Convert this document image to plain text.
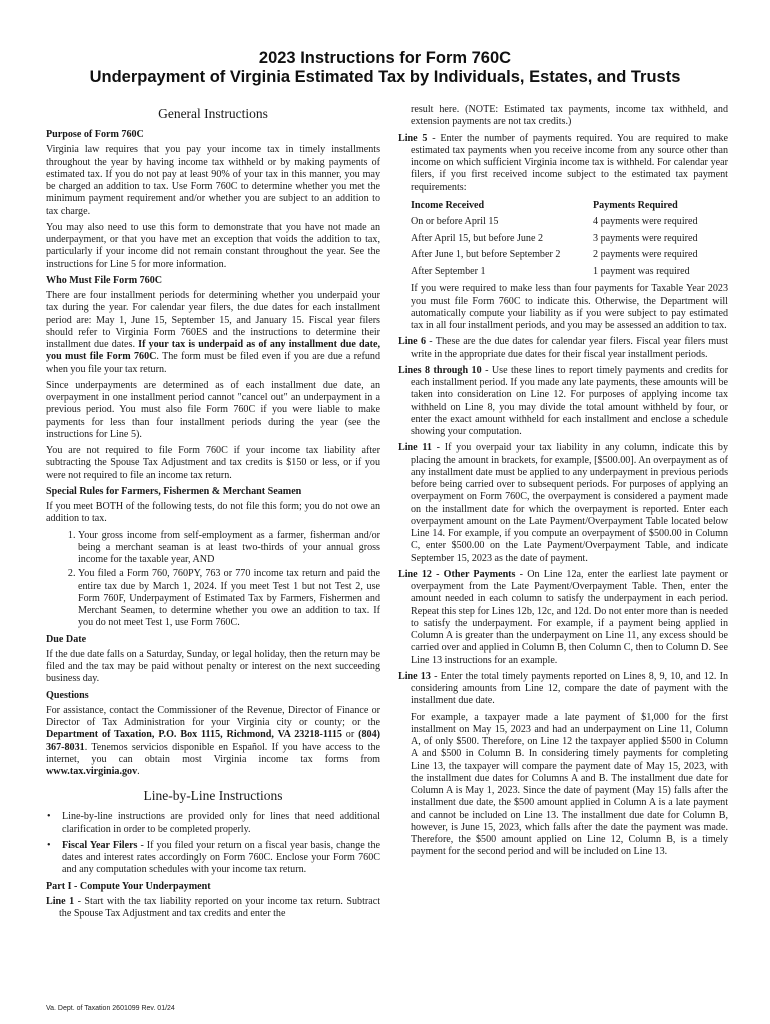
2023 Instructions for Form 760C
Underpayment of Virginia Estimated Tax by Individuals, Estates, and Trusts
General Instructions
Purpose of Form 760C

Virginia law requires that you pay your income tax in timely installments throughout the year by having income tax withheld or by making payments of estimated tax. If you do not pay at least 90% of your tax in this manner, you may be charged an addition to tax. Use Form 760C to determine whether you met the minimum payment requirement and/or whether you are subject to an addition to tax charge.

You may also need to use this form to demonstrate that you have not made an underpayment, or that you have met an exception that voids the addition to tax, particularly if your income did not remain constant throughout the year. See the instructions for Line 5 for more information.

Who Must File Form 760C

There are four installment periods for determining whether you underpaid your tax during the year. For calendar year filers, the due dates for each installment period are: May 1, June 15, September 15, and January 15. Fiscal year filers should refer to Virginia Form 760ES and the instructions to determine their installment due dates. If your tax is underpaid as of any installment due date, you must file Form 760C. The form must be filed even if you are due a refund when you file your tax return.

Since underpayments are determined as of each installment due date, an overpayment in one installment period cannot "cancel out" an underpayment in a previous period. You must also file Form 760C if you were liable to make payments for less than four installment periods during the year (see the instructions for Line 5).

You are not required to file Form 760C if your income tax liability after subtracting the Spouse Tax Adjustment and tax credits is $150 or less, or if you were not required to file an income tax return.

Special Rules for Farmers, Fishermen & Merchant Seamen

If you meet BOTH of the following tests, do not file this form; you do not owe an addition to tax.

1. Your gross income from self-employment as a farmer, fisherman and/or being a merchant seaman is at least two-thirds of your annual gross income for the taxable year, AND
2. You filed a Form 760, 760PY, 763 or 770 income tax return and paid the entire tax due by March 1, 2024. If you meet Test 1 but not Test 2, use Form 760F, Underpayment of Estimated Tax by Farmers, Fishermen and Merchant Seamen, to determine whether you owe an addition to tax. If you do not meet Test 1, use Form 760C.
Due Date

If the due date falls on a Saturday, Sunday, or legal holiday, then the return may be filed and the tax may be paid without penalty or interest on the next succeeding business day.

Questions

For assistance, contact the Commissioner of the Revenue, Director of Finance or Director of Tax Administration for your Virginia city or county; or the Department of Taxation, P.O. Box 1115, Richmond, VA 23218-1115 or (804) 367-8031. Tenemos servicios disponible en Español. If you have access to the internet, you can obtain most Virginia income tax forms from www.tax.virginia.gov.

Line-by-Line Instructions
• Line-by-line instructions are provided only for lines that need additional clarification in order to be completed properly.
• Fiscal Year Filers - If you filed your return on a fiscal year basis, change the dates and interest rates accordingly on Form 760C. Enclose your Form 760C and any computation schedules with your income tax return.
Part I - Compute Your Underpayment

Line 1 - Start with the tax liability reported on your income tax return. Subtract the Spouse Tax Adjustment and tax credits and enter the

result here. (NOTE: Estimated tax payments, income tax withheld, and extension payments are not tax credits.)

Line 5 - Enter the number of payments required. You are required to make estimated tax payments when you receive income from any source other than income on which sufficient Virginia income tax is withheld. For calendar year filers, if you first received income subject to the estimated tax payment requirements:

Income Received	Payments Required
On or before April 15	4 payments were required
After April 15, but before June 2	3 payments were required
After June 1, but before September 2	2 payments were required
After September 1	1 payment was required

If you were required to make less than four payments for Taxable Year 2023 you must file Form 760C to indicate this. Otherwise, the Department will automatically compute your liability as if you were subject to pay estimated tax in all four installment periods, and you may be assessed an addition to tax.

Line 6 - These are the due dates for calendar year filers. Fiscal year filers must write in the appropriate due dates for their fiscal year installment periods.

Lines 8 through 10 - Use these lines to report timely payments and credits for each installment period. If you made any late payments, these amounts will be taken into consideration on Line 12. For purposes of applying income tax withheld on Line 8, you may divide the total amount withheld by four, or enter the exact amount withheld for each installment and enclose a schedule showing your computation.

Line 11 - If you overpaid your tax liability in any column, indicate this by placing the amount in brackets, for example, [$500.00]. An overpayment as of any installment date must be applied to any underpayment in previous periods before being carried over to subsequent periods. For purposes of applying an overpayment on Form 760C, the overpayment is considered a payment made on the installment date for which the overpayment is reported. Enter each overpayment amount on the Late Payment/Overpayment Table located below Line 14. For example, if you compute an overpayment of $500.00 in Column C, enter $500.00 on the Late Payment/Overpayment Table, and indicate September 15, 2023 as the date of payment.

Line 12 - Other Payments - On Line 12a, enter the earliest late payment or overpayment from the Late Payment/Overpayment Table. Then, enter the amount needed in each column to satisfy the underpayment in each period. Repeat this step for Lines 12b, 12c, and 12d. Do not enter more than is needed to satisfy the underpayment. For example, if a payment being applied in Column A is greater than the underpayment on Line 11, any excess should be carried over and applied in Column B, then Column C, then to Column D. See Line 13 instructions for an example.

Line 13 - Enter the total timely payments reported on Lines 8, 9, 10, and 12. In considering amounts from Line 12, compare the date of payment with the installment due date.

For example, a taxpayer made a late payment of $1,000 for the first installment on May 15, 2023 and had an underpayment on Line 11, Column A, of only $500. Therefore, on Line 12 the taxpayer applied $500 in Column A and $500 in Column B. In considering timely payments for completing Line 13, the taxpayer will compare the payment date of May 15, 2023, with the installment due dates for Columns A and B. The installment due date for Column A is May 1, 2023. Since the date of payment (May 15) falls after the installment due date, the $500 amount applied in Column A is a late payment and cannot be included on Line 13. The installment due date for Column B, however, is June 15, 2023, which falls after the date the payment was made. Therefore, the $500 amount applied on Line 12, Column B, is a timely payment for the second period and will be included on Line 13.

Va. Dept. of Taxation 2601099 Rev. 01/24
